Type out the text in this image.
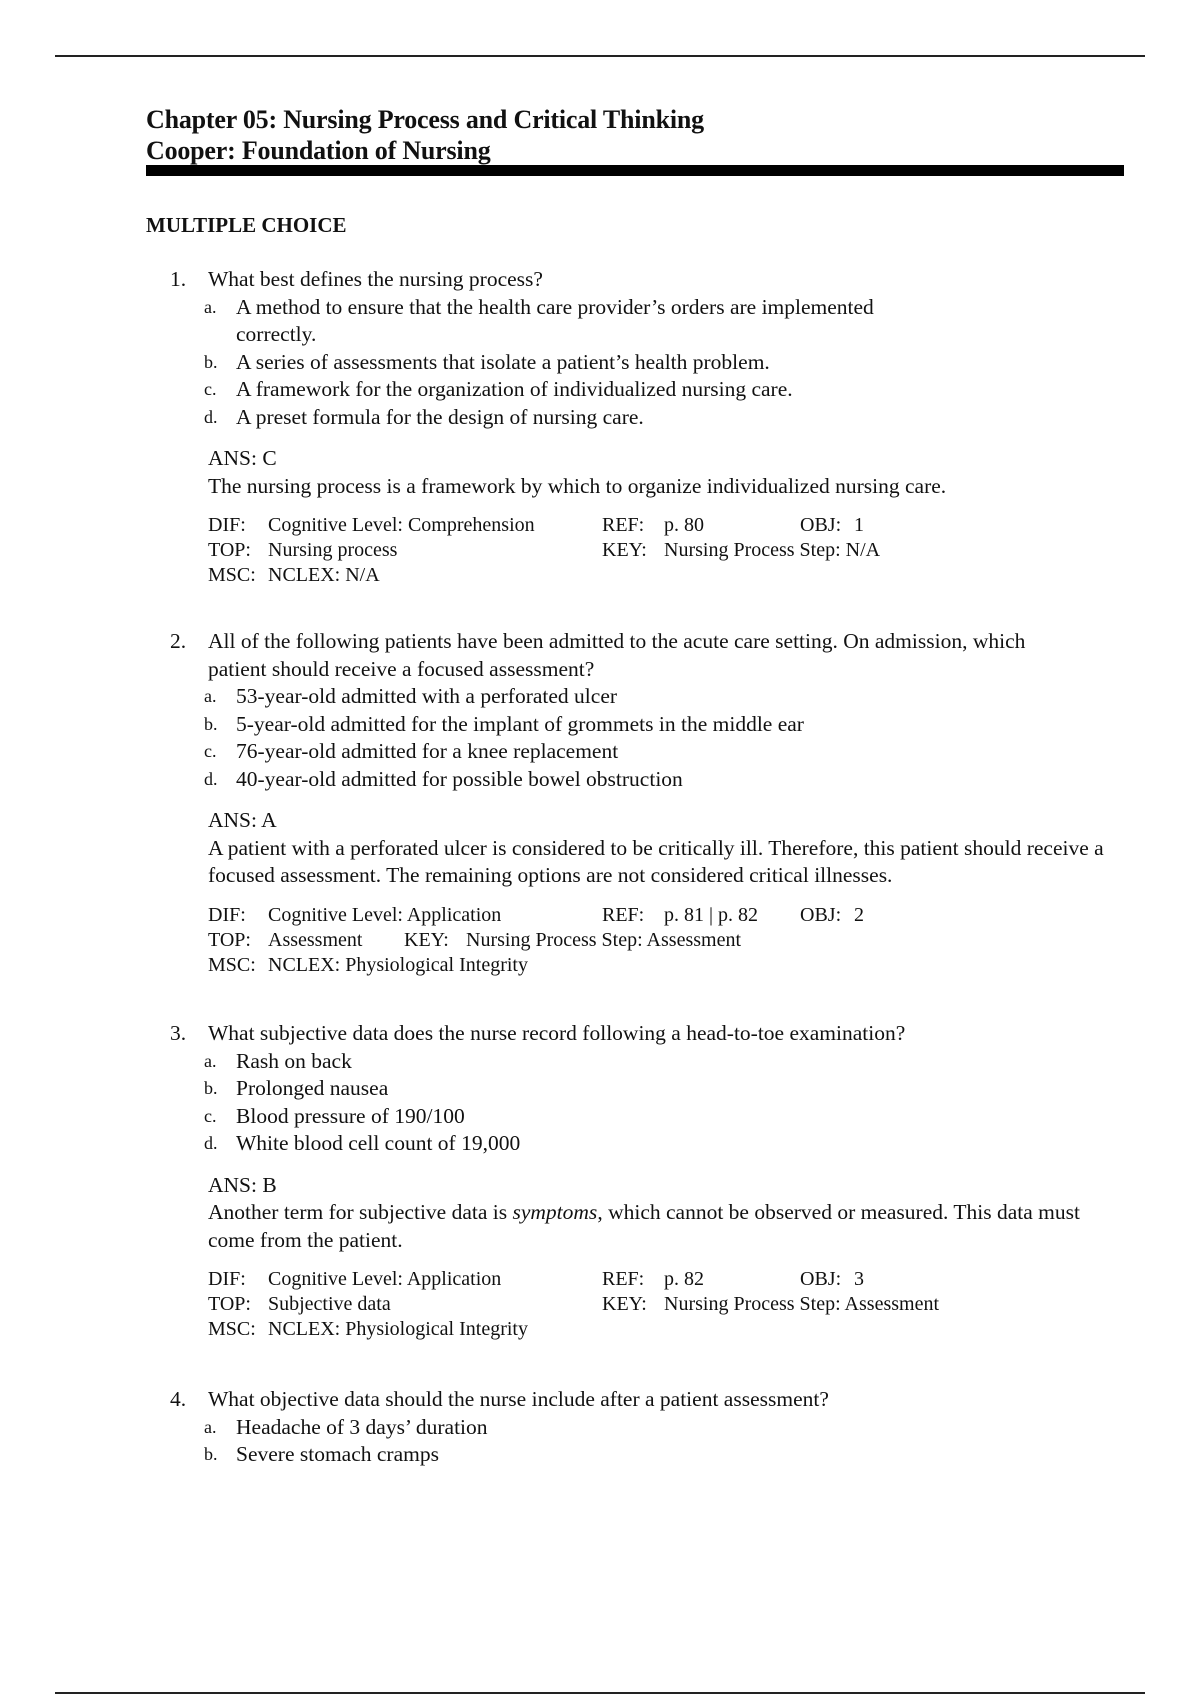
Chapter 05: Nursing Process and Critical Thinking
Cooper: Foundation of Nursing
MULTIPLE CHOICE
1.	What best defines the nursing process?
a. A method to ensure that the health care provider’s orders are implemented correctly.
b. A series of assessments that isolate a patient’s health problem.
c. A framework for the organization of individualized nursing care.
d. A preset formula for the design of nursing care.
ANS: C
The nursing process is a framework by which to organize individualized nursing care.
DIF: Cognitive Level: Comprehension	REF: p. 80	OBJ: 1
TOP: Nursing process	KEY: Nursing Process Step: N/A
MSC: NCLEX: N/A
2.	All of the following patients have been admitted to the acute care setting. On admission, which patient should receive a focused assessment?
a. 53-year-old admitted with a perforated ulcer
b. 5-year-old admitted for the implant of grommets in the middle ear
c. 76-year-old admitted for a knee replacement
d. 40-year-old admitted for possible bowel obstruction
ANS: A
A patient with a perforated ulcer is considered to be critically ill. Therefore, this patient should receive a focused assessment. The remaining options are not considered critical illnesses.
DIF: Cognitive Level: Application	REF: p. 81 | p. 82 OBJ: 2
TOP: Assessment KEY: Nursing Process Step: Assessment
MSC: NCLEX: Physiological Integrity
3.	What subjective data does the nurse record following a head-to-toe examination?
a. Rash on back
b. Prolonged nausea
c. Blood pressure of 190/100
d. White blood cell count of 19,000
ANS: B
Another term for subjective data is symptoms, which cannot be observed or measured. This data must come from the patient.
DIF: Cognitive Level: Application	REF: p. 82	OBJ: 3
TOP: Subjective data	KEY: Nursing Process Step: Assessment
MSC: NCLEX: Physiological Integrity
4.	What objective data should the nurse include after a patient assessment?
a. Headache of 3 days’ duration
b. Severe stomach cramps
